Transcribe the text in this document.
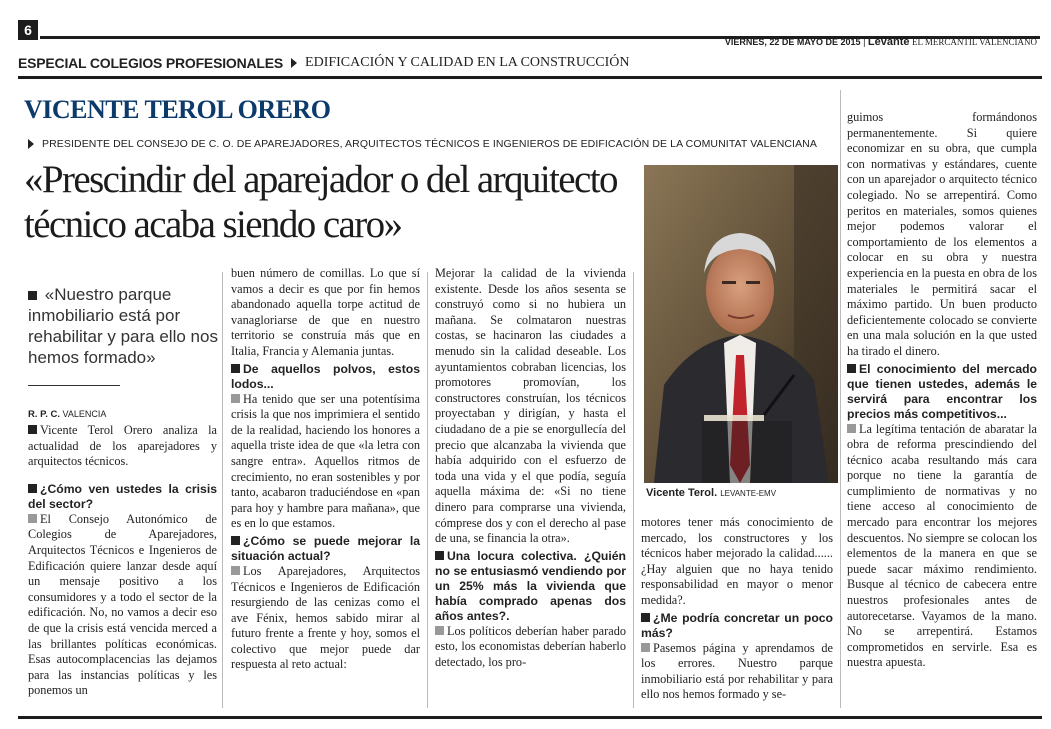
6
VIERNES, 22 DE MAYO DE 2015 | Levante EL MERCANTIL VALENCIANO
ESPECIAL COLEGIOS PROFESIONALES EDIFICACIÓN Y CALIDAD EN LA CONSTRUCCIÓN
VICENTE TEROL ORERO
PRESIDENTE DEL CONSEJO DE C. O. DE APAREJADORES, ARQUITECTOS TÉCNICOS E INGENIEROS DE EDIFICACIÓN DE LA COMUNITAT VALENCIANA
«Prescindir del aparejador o del arquitecto técnico acaba siendo caro»
«Nuestro parque inmobiliario está por rehabilitar y para ello nos hemos formado»
R. P. C. VALENCIA

Vicente Terol Orero analiza la actualidad de los aparejadores y arquitectos técnicos.

¿Cómo ven ustedes la crisis del sector?

El Consejo Autonómico de Colegios de Aparejadores, Arquitectos Técnicos e Ingenieros de Edificación quiere lanzar desde aquí un mensaje positivo a los consumidores y a todo el sector de la edificación. No, no vamos a decir eso de que la crisis está vencida merced a las brillantes políticas económicas. Esas autocomplacencias las dejamos para las instancias políticas y les ponemos un

buen número de comillas. Lo que sí vamos a decir es que por fin hemos abandonado aquella torpe actitud de vanagloriarse de que en nuestro territorio se construía más que en Italia, Francia y Alemania juntas.

De aquellos polvos, estos lodos...

Ha tenido que ser una potentísima crisis la que nos imprimiera el sentido de la realidad, haciendo los honores a aquella triste idea de que «la letra con sangre entra». Aquellos ritmos de crecimiento, no eran sostenibles y por tanto, acabaron traduciéndose en «pan para hoy y hambre para mañana», que es en lo que estamos.

¿Cómo se puede mejorar la situación actual?

Los Aparejadores, Arquitectos Técnicos e Ingenieros de Edificación resurgiendo de las cenizas como el ave Fénix, hemos sabido mirar al futuro frente a frente y hoy, somos el colectivo que mejor puede dar respuesta al reto actual:

Mejorar la calidad de la vivienda existente. Desde los años sesenta se construyó como si no hubiera un mañana. Se colmataron nuestras costas, se hacinaron las ciudades a menudo sin la calidad deseable. Los ayuntamientos cobraban licencias, los promotores promovían, los constructores construían, los técnicos proyectaban y dirigían, y hasta el ciudadano de a pie se enorgullecía del precio que alcanzaba la vivienda que había adquirido con el esfuerzo de toda una vida y el que podía, seguía aquella máxima de: «Si no tiene dinero para comprarse una vivienda, cómprese dos y con el derecho al pase de una, se financia la otra».

Una locura colectiva. ¿Quién no se entusiasmó vendiendo por un 25% más la vivienda que había comprado apenas dos años antes?.

Los políticos deberían haber parado esto, los economistas deberían haberlo detectado, los pro-

Vicente Terol. LEVANTE-EMV

motores tener más conocimiento de mercado, los constructores y los técnicos haber mejorado la calidad......¿Hay alguien que no haya tenido responsabilidad en mayor o menor medida?.

¿Me podría concretar un poco más?

Pasemos página y aprendamos de los errores. Nuestro parque inmobiliario está por rehabilitar y para ello nos hemos formado y se-

guimos formándonos permanentemente. Si quiere economizar en su obra, que cumpla con normativas y estándares, cuente con un aparejador o arquitecto técnico colegiado. No se arrepentirá. Como peritos en materiales, somos quienes mejor podemos valorar el comportamiento de los elementos a colocar en su obra y nuestra experiencia en la puesta en obra de los materiales le permitirá sacar el máximo partido. Un buen producto deficientemente colocado se convierte en una mala solución en la que usted ha tirado el dinero.

El conocimiento del mercado que tienen ustedes, además le servirá para encontrar los precios más competitivos...

La legítima tentación de abaratar la obra de reforma prescindiendo del técnico acaba resultando más cara porque no tiene la garantía de cumplimiento de normativas y no tiene acceso al conocimiento de mercado para encontrar los mejores descuentos. No siempre se colocan los elementos de la manera en que se puede sacar máximo rendimiento. Busque al técnico de cabecera entre nuestros profesionales antes de autorecetarse. Vayamos de la mano. No se arrepentirá. Estamos comprometidos en servirle. Esa es nuestra apuesta.
